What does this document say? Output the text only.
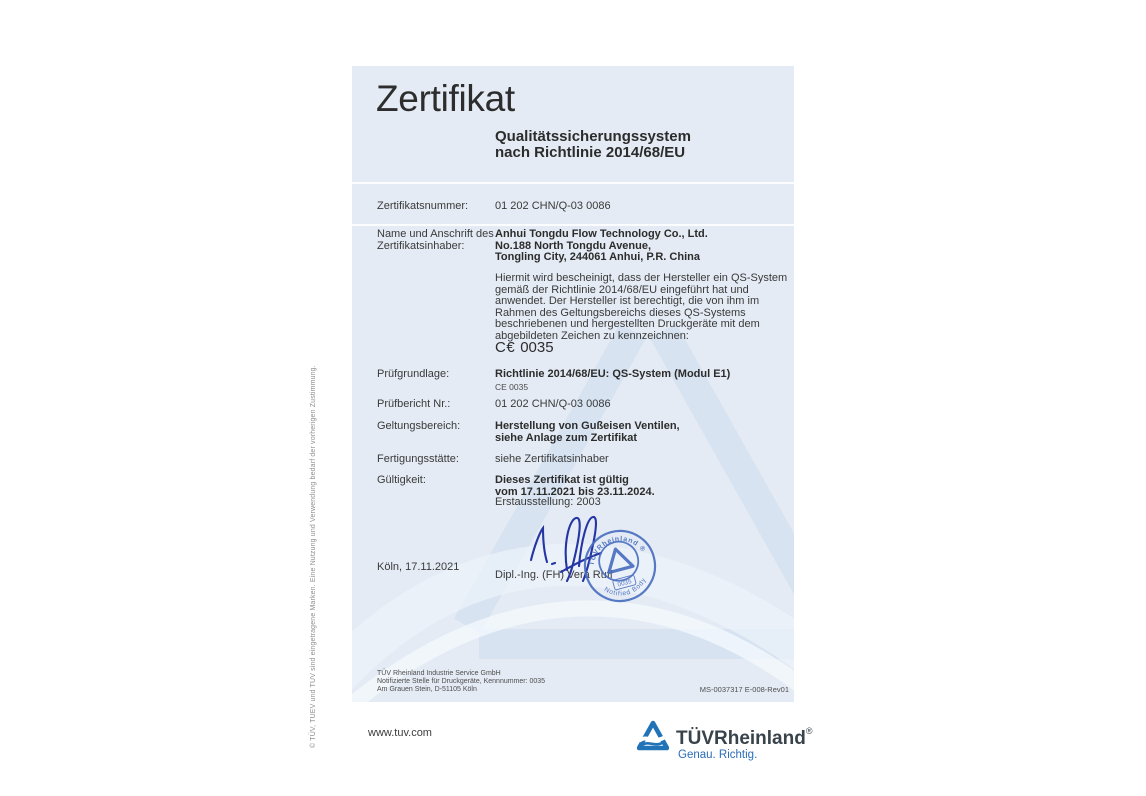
© TÜV, TUEV und TUV sind eingetragene Marken. Eine Nutzung und Verwendung bedarf der vorherigen Zustimmung.
Zertifikat
Qualitätssicherungssystem
nach Richtlinie 2014/68/EU
Zertifikatsnummer: 01 202 CHN/Q-03 0086
Name und Anschrift des
Zertifikatsinhaber:
Anhui Tongdu Flow Technology Co., Ltd.
No.188 North Tongdu Avenue,
Tongling City, 244061 Anhui, P.R. China
Hiermit wird bescheinigt, dass der Hersteller ein QS-System
gemäß der Richtlinie 2014/68/EU eingeführt hat und
anwendet. Der Hersteller ist berechtigt, die von ihm im
Rahmen des Geltungsbereichs dieses QS-Systems
beschriebenen und hergestellten Druckgeräte mit dem
abgebildeten Zeichen zu kennzeichnen:
C€ 0035
Prüfgrundlage:	Richtlinie 2014/68/EU: QS-System (Modul E1)
CE 0035
Prüfbericht Nr.:	01 202 CHN/Q-03 0086
Geltungsbereich:	Herstellung von Gußeisen Ventilen,
siehe Anlage zum Zertifikat
Fertigungsstätte:	siehe Zertifikatsinhaber
Gültigkeit:	Dieses Zertifikat ist gültig
vom 17.11.2021 bis 23.11.2024.
Erstausstellung: 2003
Köln, 17.11.2021
Dipl.-Ing. (FH) Vera Ruff
TÜVRheinland ®
Notified Body
0035
TÜV Rheinland Industrie Service GmbH
Notifizierte Stelle für Druckgeräte, Kennnummer: 0035
Am Grauen Stein, D-51105 Köln	MS-0037317 E-008-Rev01
www.tuv.com	TÜVRheinland®
Genau. Richtig.
